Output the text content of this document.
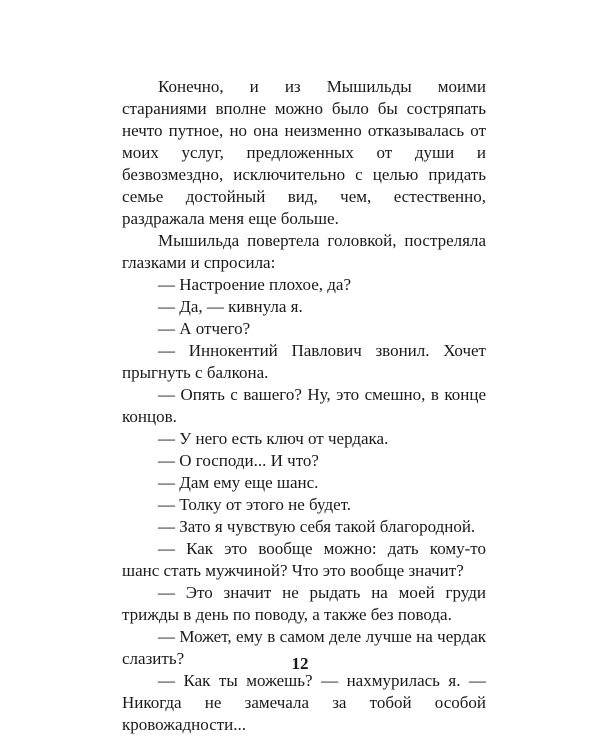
Конечно, и из Мышильды моими стараниями вполне можно было бы состряпать нечто путное, но она неизменно отказывалась от моих услуг, предложенных от души и безвозмездно, исключительно с целью придать семье достойный вид, чем, естественно, раздражала меня еще больше.

Мышильда повертела головкой, постреляла глазками и спросила:

— Настроение плохое, да?

— Да, — кивнула я.

— А отчего?

— Иннокентий Павлович звонил. Хочет прыгнуть с балкона.

— Опять с вашего? Ну, это смешно, в конце концов.

— У него есть ключ от чердака.

— О господи... И что?

— Дам ему еще шанс.

— Толку от этого не будет.

— Зато я чувствую себя такой благородной.

— Как это вообще можно: дать кому-то шанс стать мужчиной? Что это вообще значит?

— Это значит не рыдать на моей груди трижды в день по поводу, а также без повода.

— Может, ему в самом деле лучше на чердак слазить?

— Как ты можешь? — нахмурилась я. — Никогда не замечала за тобой особой кровожадности...

12
